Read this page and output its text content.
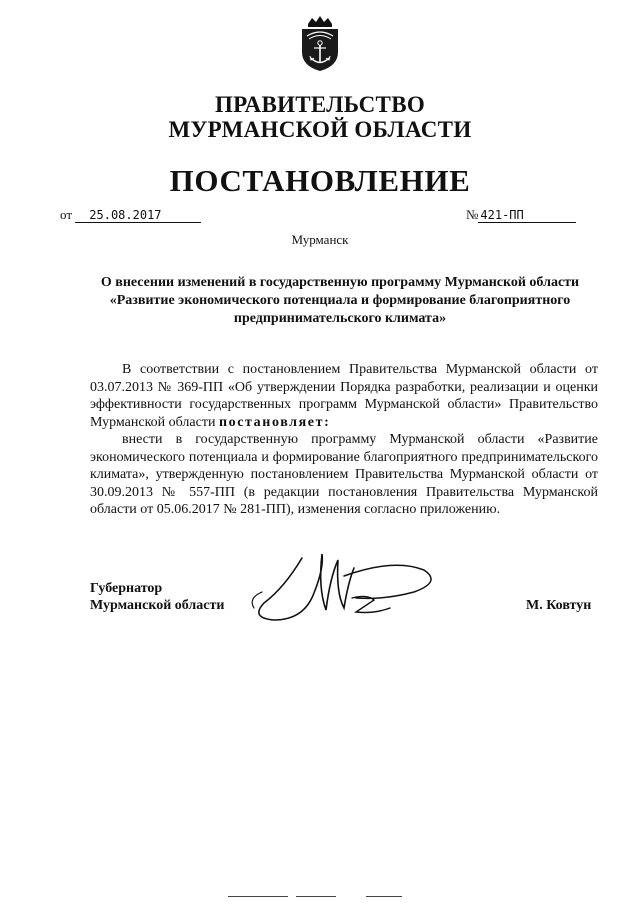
ПРАВИТЕЛЬСТВО
МУРМАНСКОЙ ОБЛАСТИ
ПОСТАНОВЛЕНИЕ
от 25.08.2017	№ 421-ПП
Мурманск
О внесении изменений в государственную программу Мурманской области
«Развитие экономического потенциала и формирование благоприятного
предпринимательского климата»

В соответствии с постановлением Правительства Мурманской области от 03.07.2013 № 369-ПП «Об утверждении Порядка разработки, реализации и оценки эффективности государственных программ Мурманской области» Правительство Мурманской области постановляет:

внести в государственную программу Мурманской области «Развитие экономического потенциала и формирование благоприятного предпринимательского климата», утвержденную постановлением Правительства Мурманской области от 30.09.2013 № 557-ПП (в редакции постановления Правительства Мурманской области от 05.06.2017 № 281-ПП), изменения согласно приложению.

Губернатор
Мурманской области	М. Ковтун
